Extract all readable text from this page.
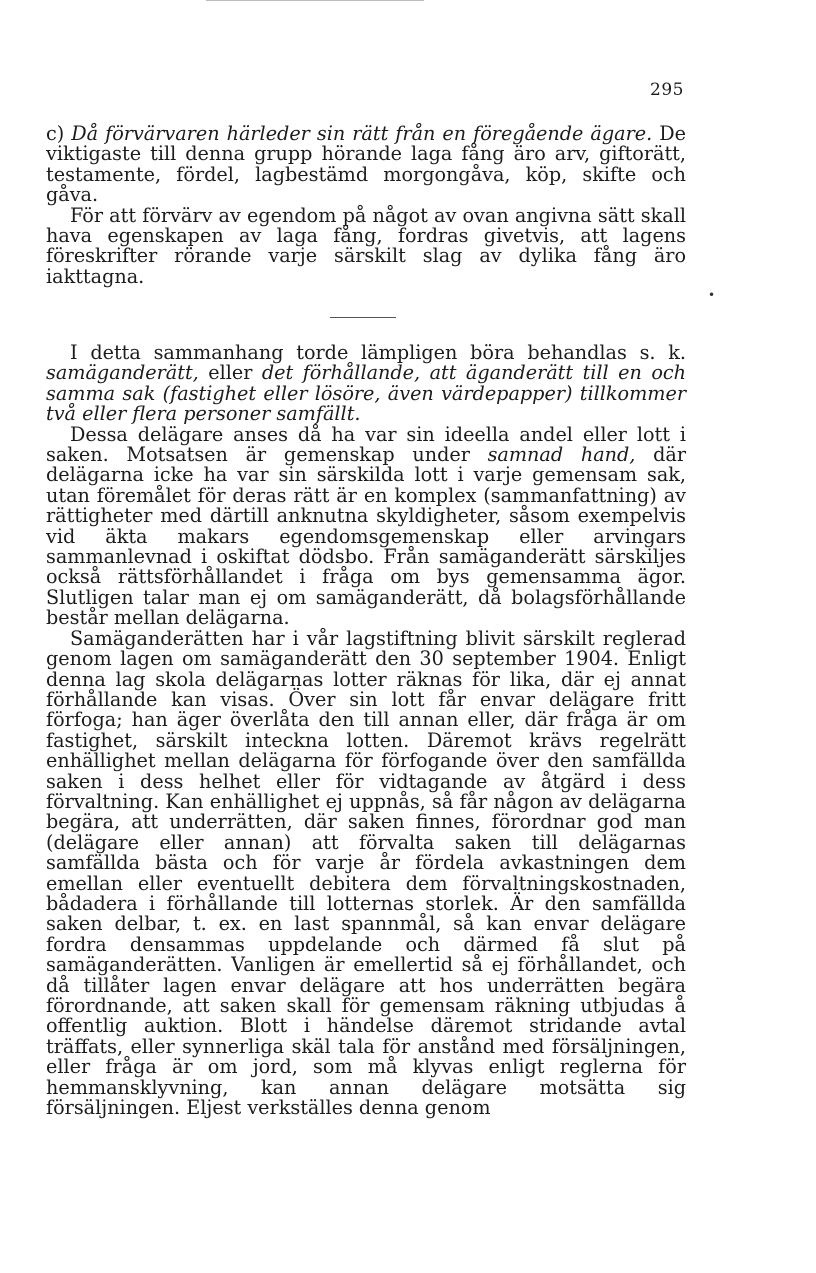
295

c) Då förvärvaren härleder sin rätt från en föregående ägare. De viktigaste till denna grupp hörande laga fång äro arv, giftorätt, testamente, fördel, lagbestämd morgongåva, köp, skifte och gåva.

För att förvärv av egendom på något av ovan angivna sätt skall hava egenskapen av laga fång, fordras givetvis, att lagens föreskrifter rörande varje särskilt slag av dylika fång äro iakttagna.

•

I detta sammanhang torde lämpligen böra behandlas s. k. samäganderätt, eller det förhållande, att äganderätt till en och samma sak (fastighet eller lösöre, även värdepapper) tillkommer två eller flera personer samfällt.

Dessa delägare anses då ha var sin ideella andel eller lott i saken. Motsatsen är gemenskap under samnad hand, där delägarna icke ha var sin särskilda lott i varje gemensam sak, utan föremålet för deras rätt är en komplex (sammanfattning) av rättigheter med därtill anknutna skyldigheter, såsom exempelvis vid äkta makars egendomsgemenskap eller arvingars sammanlevnad i oskiftat dödsbo. Från samäganderätt särskiljes också rättsförhållandet i fråga om bys gemensamma ägor. Slutligen talar man ej om samäganderätt, då bolagsförhållande består mellan delägarna.

Samäganderätten har i vår lagstiftning blivit särskilt reglerad genom lagen om samäganderätt den 30 september 1904. Enligt denna lag skola delägarnas lotter räknas för lika, där ej annat förhållande kan visas. Över sin lott får envar delägare fritt förfoga; han äger överlåta den till annan eller, där fråga är om fastighet, särskilt inteckna lotten. Däremot krävs regelrätt enhällighet mellan delägarna för förfogande över den samfällda saken i dess helhet eller för vidtagande av åtgärd i dess förvaltning. Kan enhällighet ej uppnås, så får någon av delägarna begära, att underrätten, där saken finnes, förordnar god man (delägare eller annan) att förvalta saken till delägarnas samfällda bästa och för varje år fördela avkastningen dem emellan eller eventuellt debitera dem förvaltningskostnaden, bådadera i förhållande till lotternas storlek. Är den samfällda saken delbar, t. ex. en last spannmål, så kan envar delägare fordra densammas uppdelande och därmed få slut på samäganderätten. Vanligen är emellertid så ej förhållandet, och då tillåter lagen envar delägare att hos underrätten begära förordnande, att saken skall för gemensam räkning utbjudas å offentlig auktion. Blott i händelse däremot stridande avtal träffats, eller synnerliga skäl tala för anstånd med försäljningen, eller fråga är om jord, som må klyvas enligt reglerna för hemmansklyvning, kan annan delägare motsätta sig försäljningen. Eljest verkställes denna genom
